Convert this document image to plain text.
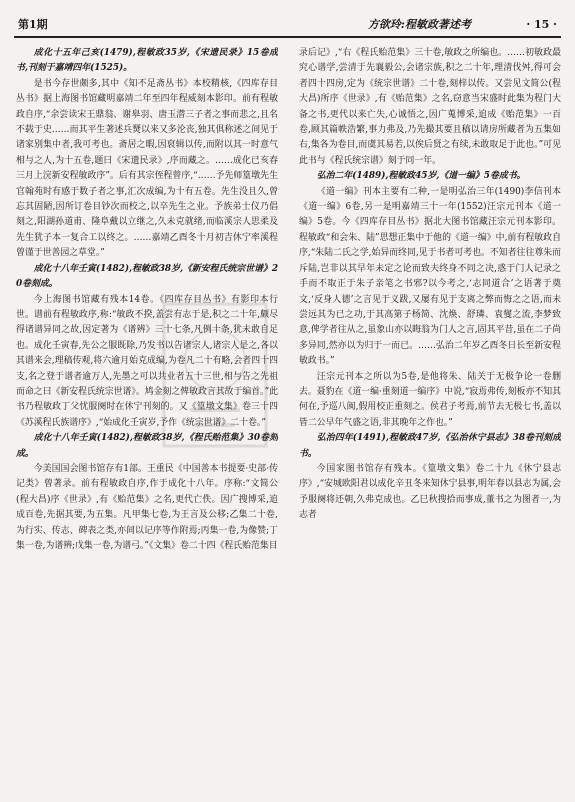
第1期	方欲玲:程敏政著述考	· 15 ·

成化十五年己亥(1479),程敏政35岁,《宋遗民录》15卷成书,刊刻于嘉靖四年(1525)。

是书今存世颇多,其中《知不足斋丛书》本校精核,《四库存目丛书》据上海图书馆藏明嘉靖二年至四年程威刻本影印。前有程敏政自序,“余尝读宋王鼎翁、谢皋羽、唐玉潜三子者之事而悲之,且名不载于史……而其平生著述兵燹以来又多沦丧,独其俱称述之间见于诸家别集中者,我可考也。斋居之暇,因裒辑以传,而附以其一时意气相与之人,为十五卷,题曰《宋遗民录》,序而藏之。……成化已亥春三月上浣新安程敏政序”。后有其宗侄程曾序,“……予先师篁墩先生官翰苑时有感于数子者之事,汇次成编,为十有五卷。先生没且久,曾忘其固陋,因所订卷目钞次而校之,以卒先生之业。予族弟士仪乃倡刻之,阳湖孙道甫、隆阜戴以立继之,久未克就绪,而临溪宗人思柔及先生犹子本一复合工以终之。……嘉靖乙酉冬十月初吉休宁率溪程曾谨于世善园之草堂。”

成化十八年壬寅(1482),程敏政38岁,《新安程氏统宗世谱》20卷刻成。

今上海图书馆藏有残本14卷。《四库存目丛书》有影印本行世。谱前有程敏政序,称:“敏政不揆,盖尝有志于是,积之二十年,颇尽得诸谱异同之故,因定著为《谱辨》三十七条,凡例十条,犹未敢自足也。成化壬寅春,先公之服既除,乃发书以告诸宗人,诸宗人是之,各以其谱来会,理稿传观,将六逾月始克成编,为卷凡二十有略,会者四十四支,名之登于谱者逾万人,先墨之可以共业者五十三世,相与告之先祖而命之曰《新安程氏统宗世谱》。鸠金刻之俾敏政言其故于编首。”此书乃程敏政丁父忧服阕时在休宁刊刻的。又《篁墩文集》卷三十四《苏溪程氏族谱序》,“始成化壬寅岁,予作《统宗世谱》二十卷。”

成化十八年壬寅(1482),程敏政38岁,《程氏贻范集》30卷刻成。

今美国国会图书馆存有1部。王重民《中国善本书提要·史部·传记类》曾著录。前有程敏政自序,作于成化十八年。序称:“文简公(程大昌)序《世录》,有《贻范集》之名,更代亡佚。因广搜博采,追成百卷,先据其要,为五集。凡甲集七卷,为王言及公移;乙集二十卷,为行实、传志、碑表之类,亦间以记序等作附焉;丙集一卷,为像赞;丁集一卷,为谱辨;戊集一卷,为谱弓。”《文集》卷二十四《程氏贻范集目

录后记》,“右《程氏贻范集》三十卷,敏政之所编也。……初敏政最究心谱学,尝清于先襄毅公,会诸宗族,积之二十年,理清伐舛,得可会者四十四房,定为《统宗世谱》二十卷,刻梓以传。又尝见文简公(程大昌)所序《世录》,有《贻范集》之名,窃意当宋盛时此集为程门大备之书,更代以来亡失,心诚悟之,因广蒐博采,追成《贻范集》一百卷,顾其篇帙浩繁,事力弗及,乃先撮其要且稿以请房所藏者为五集如右,集各为卷目,而虞其易若,以俟后贤之有续,未敢取足于此也。”可见此书与《程氏统宗谱》刻于同一年。

弘治二年(1489),程敏政45岁,《道一编》5卷成书。

《道一编》刊本主要有二种,一是明弘治三年(1490)李信刊本《道一编》6卷,另一是明嘉靖三十一年(1552)汪宗元刊本《道一编》5卷。今《四库存目丛书》据北大图书馆藏汪宗元刊本影印。程敏政“和会朱、陆”思想正集中于他的《道一编》中,前有程敏政自序,“朱陆二氏之学,始异而终同,见于书者可考也。不知者往往尊朱而斥陆,岂非以其早年未定之论而致夫终身不同之决,惑于门人记录之手而不取正于朱子亲笔之书邪?以今考之,‘志同道合’之语著于奠文,‘反身人德’之言见于义跋,又屡有见于支离之弊而悔之之语,而未尝远其为已之功,于其高第子杨简、沈焕、舒璘、袁燮之流,李梦致意,俾学者往从之,虽象山亦以晦翁为门人之言,固其平昔,虽在二子尚多异同,然亦以为归于一而已。……弘治二年岁乙酉冬日长至新安程敏政书。”

汪宗元刊本之所以为5卷,是他将朱、陆关于无极争论一卷删去。聂豹在《道一编·重刻道一编序》中说,“寂焉弗传,刻板亦不知其何在,予巡八闽,假用校正重刻之。侯君子考焉,前节去无极七书,盖以皆二公早年气盛之语,非其晚年之作也。”

弘治四年(1491),程敏政47岁,《弘治休宁县志》38卷刊刻成书。

今国家图书馆存有残本。《篁墩文集》卷二十九《休宁县志序》,“安城欧阳君以成化辛丑冬来知休宁县事,明年春以县志为属,会予服阕将还朝,久弗克成也。乙巳秋搜拾而事成,董书之为图者一,为志者
